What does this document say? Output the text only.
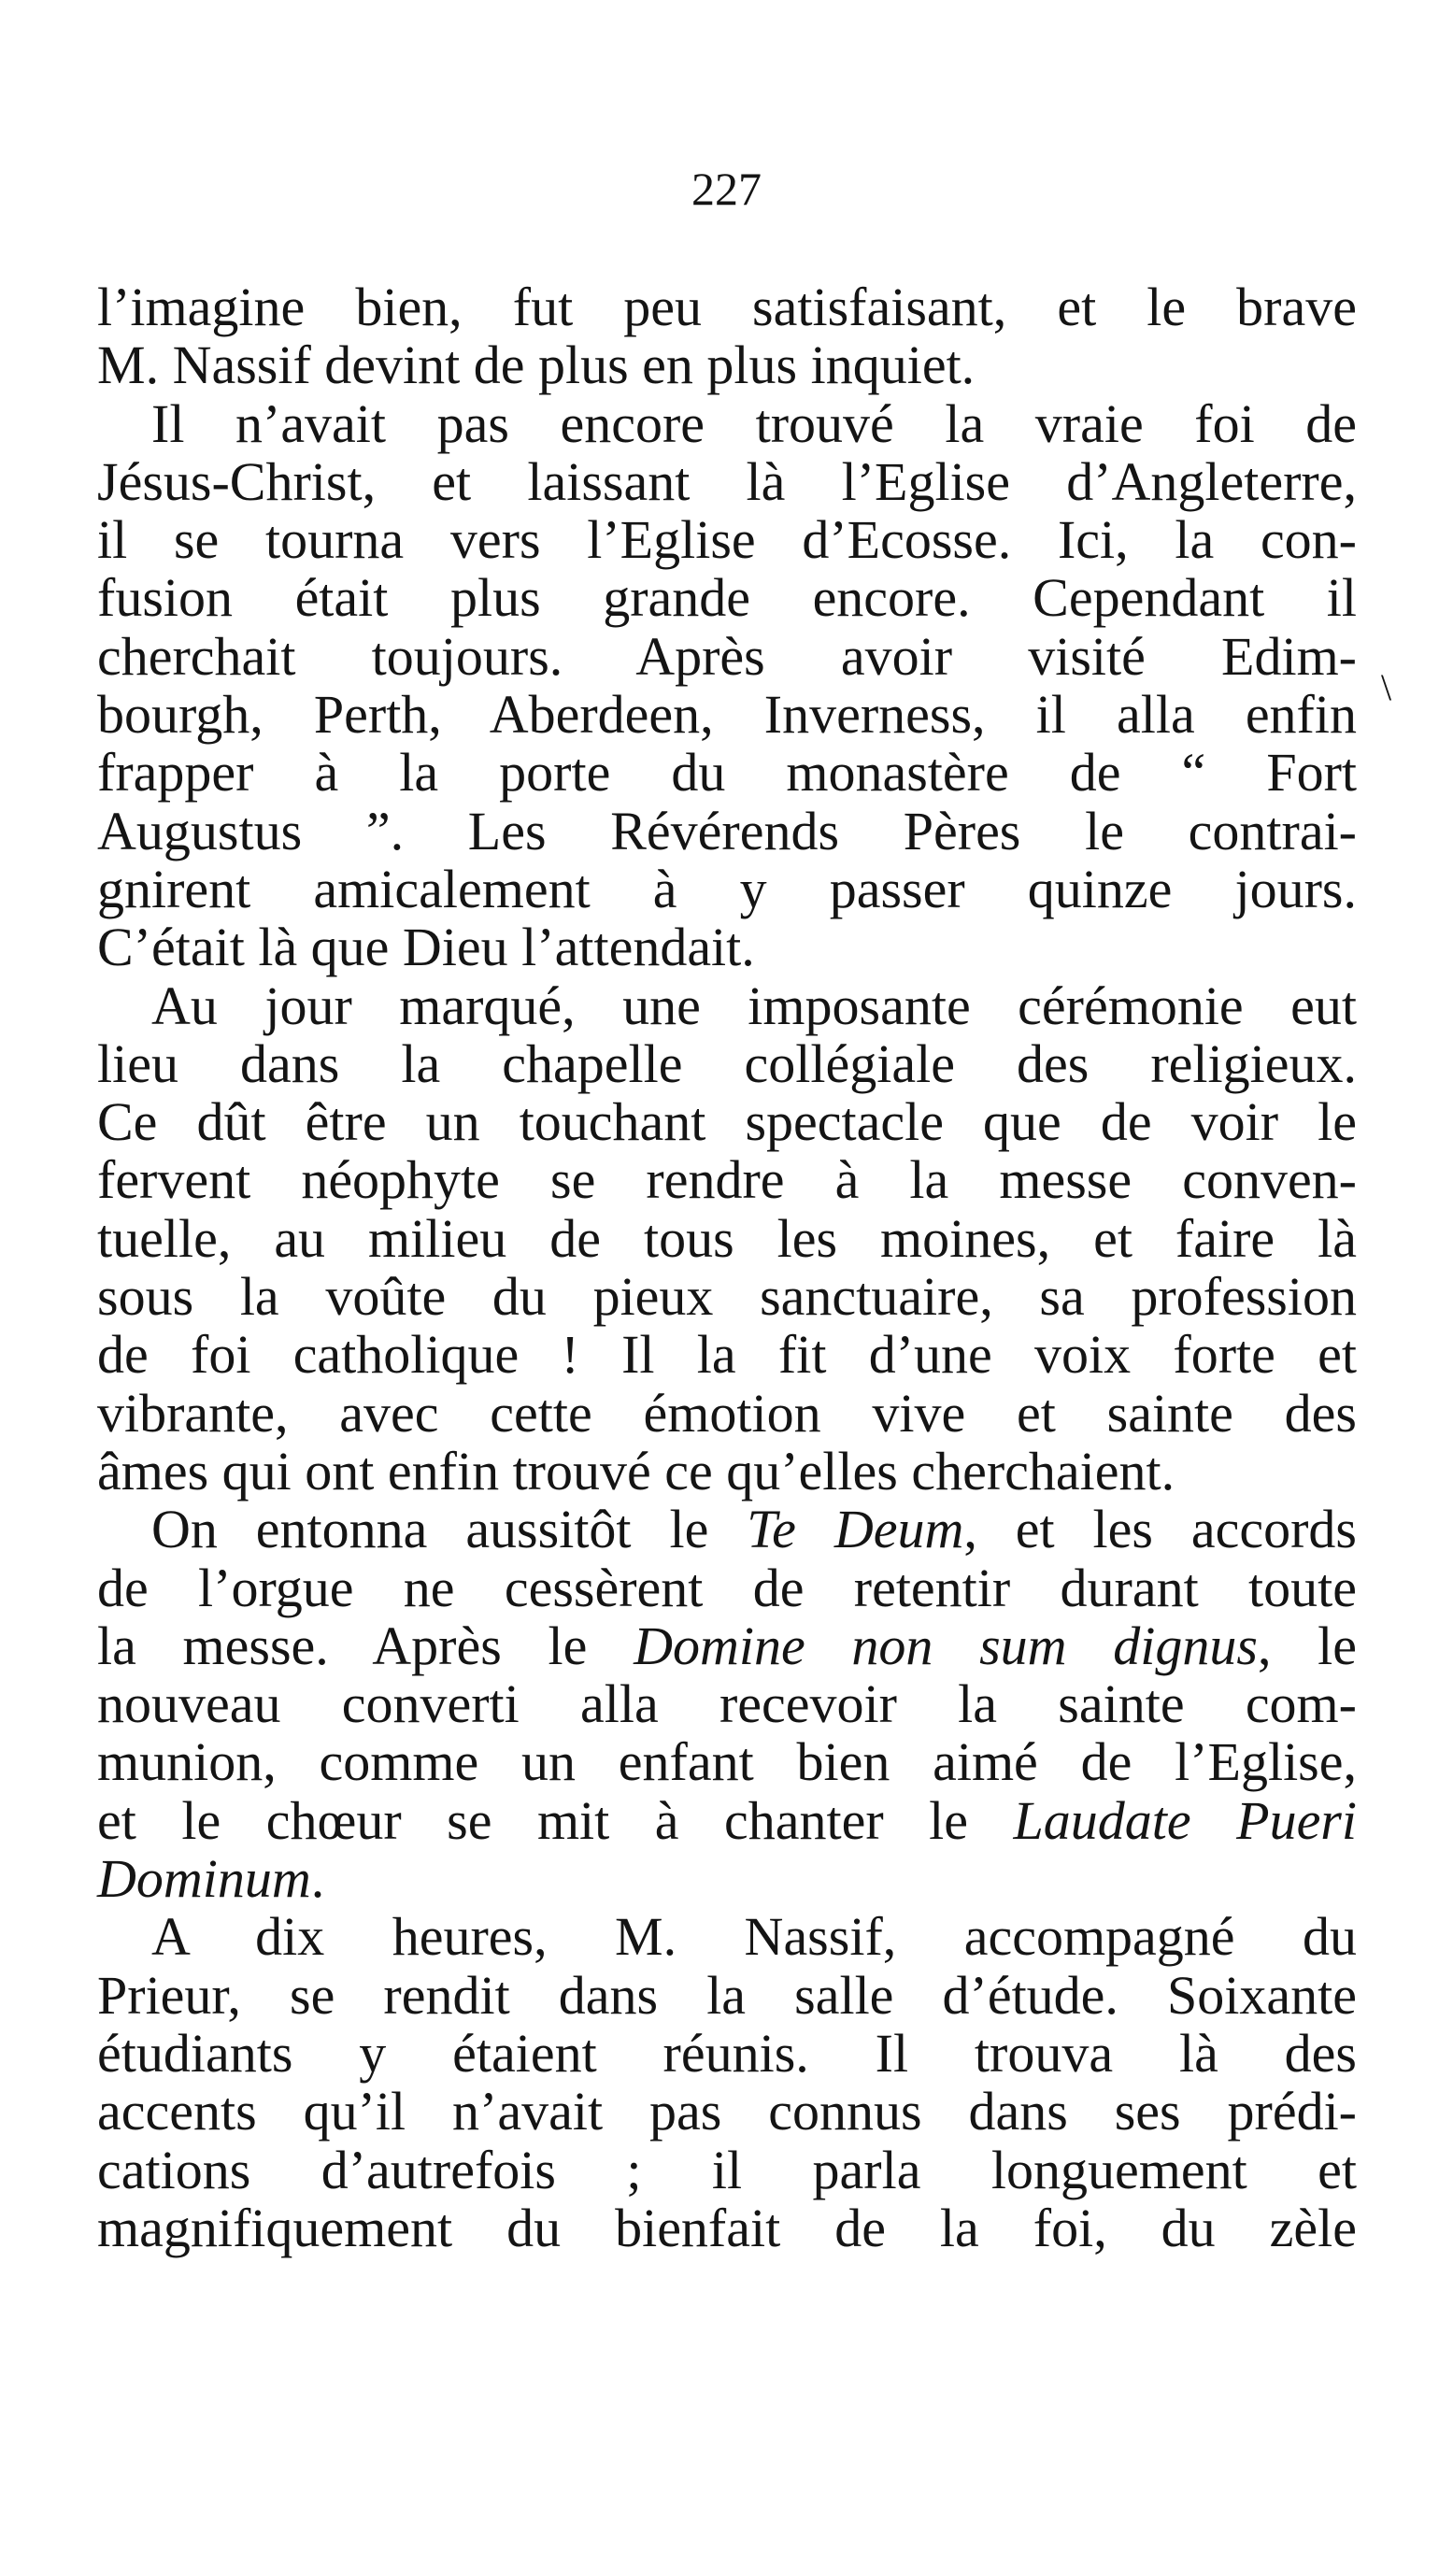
227
\
l’imagine bien, fut peu satisfaisant, et le brave
M. Nassif devint de plus en plus inquiet.
Il n’avait pas encore trouvé la vraie foi de
Jésus-Christ, et laissant là l’Eglise d’Angleterre,
il se tourna vers l’Eglise d’Ecosse. Ici, la con-
fusion était plus grande encore. Cependant il
cherchait toujours. Après avoir visité Edim-
bourgh, Perth, Aberdeen, Inverness, il alla enfin
frapper à la porte du monastère de “ Fort
Augustus ”. Les Révérends Pères le contrai-
gnirent amicalement à y passer quinze jours.
C’était là que Dieu l’attendait.
Au jour marqué, une imposante cérémonie eut
lieu dans la chapelle collégiale des religieux.
Ce dût être un touchant spectacle que de voir le
fervent néophyte se rendre à la messe conven-
tuelle, au milieu de tous les moines, et faire là
sous la voûte du pieux sanctuaire, sa profession
de foi catholique ! Il la fit d’une voix forte et
vibrante, avec cette émotion vive et sainte des
âmes qui ont enfin trouvé ce qu’elles cherchaient.
On entonna aussitôt le Te Deum, et les accords
de l’orgue ne cessèrent de retentir durant toute
la messe. Après le Domine non sum dignus, le
nouveau converti alla recevoir la sainte com-
munion, comme un enfant bien aimé de l’Eglise,
et le chœur se mit à chanter le Laudate Pueri
Dominum.
A dix heures, M. Nassif, accompagné du
Prieur, se rendit dans la salle d’étude. Soixante
étudiants y étaient réunis. Il trouva là des
accents qu’il n’avait pas connus dans ses prédi-
cations d’autrefois ; il parla longuement et
magnifiquement du bienfait de la foi, du zèle
